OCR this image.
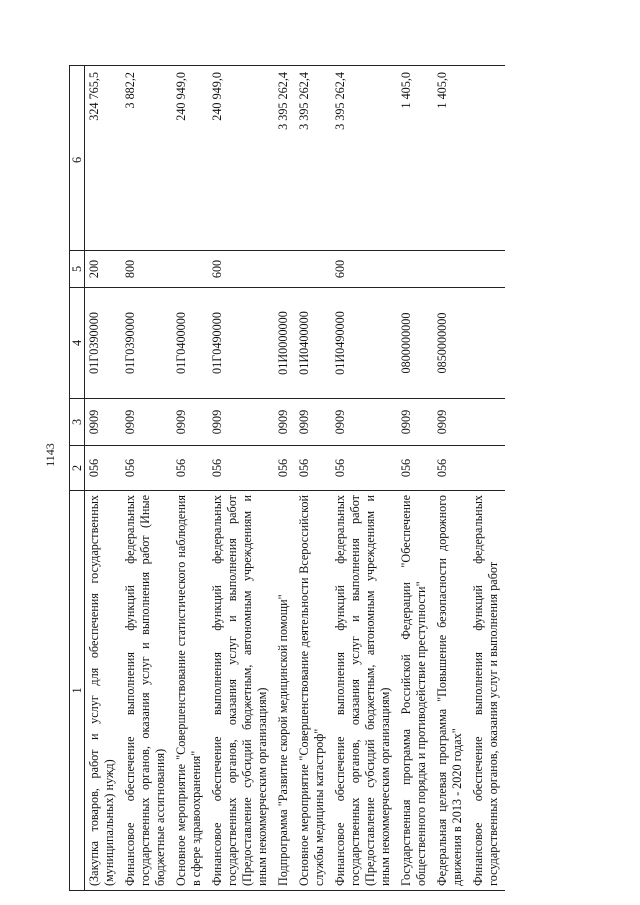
1143
1	2	3	4	5	6

(Закупка товаров, работ и услуг для обеспечения государственных (муниципальных) нужд)	056	0909	01Г0390000	200	324 765,5

Финансовое обеспечение выполнения функций федеральных государственных органов, оказания услуг и выполнения работ (Иные бюджетные ассигнования)	056	0909	01Г0390000	800	3 882,2

Основное мероприятие "Совершенствование статистического наблюдения в сфере здравоохранения"	056	0909	01Г0400000		240 949,0

Финансовое обеспечение выполнения функций федеральных государственных органов, оказания услуг и выполнения работ (Предоставление субсидий бюджетным, автономным учреждениям и иным некоммерческим организациям)	056	0909	01Г0490000	600	240 949,0

Подпрограмма "Развитие скорой медицинской помощи"	056	0909	01И0000000		3 395 262,4

Основное мероприятие "Совершенствование деятельности Всероссийской службы медицины катастроф"	056	0909	01И0400000		3 395 262,4

Финансовое обеспечение выполнения функций федеральных государственных органов, оказания услуг и выполнения работ (Предоставление субсидий бюджетным, автономным учреждениям и иным некоммерческим организациям)	056	0909	01И0490000	600	3 395 262,4

Государственная программа Российской Федерации "Обеспечение общественного порядка и противодействие преступности"	056	0909	0800000000		1 405,0

Федеральная целевая программа "Повышение безопасности дорожного движения в 2013 - 2020 годах"	056	0909	0850000000		1 405,0

Финансовое обеспечение выполнения функций федеральных государственных органов, оказания услуг и выполнения работ					
